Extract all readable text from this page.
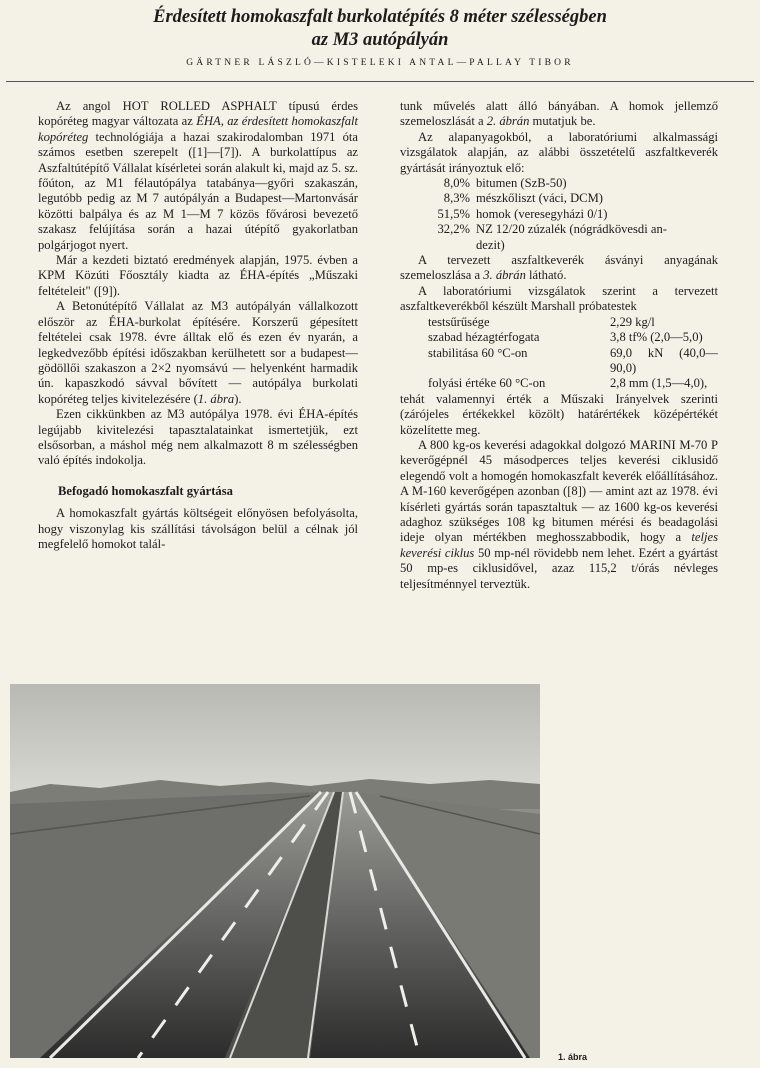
Érdesített homokaszfalt burkolatépítés 8 méter szélességben
az M3 autópályán
GÄRTNER LÁSZLÓ—KISTELEKI ANTAL—PALLAY TIBOR

Az angol HOT ROLLED ASPHALT típusú érdes kopóréteg magyar változata az ÉHA, az érdesített homokaszfalt kopóréteg technológiája a hazai szakirodalomban 1971 óta számos esetben szerepelt ([1]—[7]). A burkolattípus az Aszfaltútépítő Vállalat kísérletei során alakult ki, majd az 5. sz. főúton, az M1 félautópálya tatabánya—győri szakaszán, legutóbb pedig az M 7 autópályán a Budapest—Martonvásár közötti balpálya és az M 1—M 7 közös fővárosi bevezető szakasz felújítása során a hazai útépítő gyakorlatban polgárjogot nyert.

Már a kezdeti biztató eredmények alapján, 1975. évben a KPM Közúti Főosztály kiadta az ÉHA-építés „Műszaki feltételeit" ([9]).

A Betonútépítő Vállalat az M3 autópályán vállalkozott először az ÉHA-burkolat építésére. Korszerű gépesített feltételei csak 1978. évre álltak elő és ezen év nyarán, a legkedvezőbb építési időszakban kerülhetett sor a budapest—gödöllői szakaszon a 2×2 nyomsávú — helyenként harmadik ún. kapaszkodó sávval bővített — autópálya burkolati kopóréteg teljes kivitelezésére (1. ábra).

Ezen cikkünkben az M3 autópálya 1978. évi ÉHA-építés legújabb kivitelezési tapasztalatainkat ismertetjük, ezt elsősorban, a máshol még nem alkalmazott 8 m szélességben való építés indokolja.

Befogadó homokaszfalt gyártása

A homokaszfalt gyártás költségeit előnyösen befolyásolta, hogy viszonylag kis szállítási távolságon belül a célnak jól megfelelő homokot talál-

tunk művelés alatt álló bányában. A homok jellemző szemeloszlását a 2. ábrán mutatjuk be.

Az alapanyagokból, a laboratóriumi alkalmassági vizsgálatok alapján, az alábbi összetételű aszfaltkeverék gyártását irányoztuk elő:

8,0% bitumen (SzB-50)
8,3% mészkőliszt (váci, DCM)
51,5% homok (veresegyházi 0/1)
32,2% NZ 12/20 zúzalék (nógrádkövesdi an-
dezit)

A tervezett aszfaltkeverék ásványi anyagának szemeloszlása a 3. ábrán látható.

A laboratóriumi vizsgálatok szerint a tervezett aszfaltkeverékből készült Marshall próbatestek

testsűrűsége	2,29 kg/l
szabad hézagtérfogata	3,8 tf% (2,0—5,0)
stabilitása 60 °C-on	69,0 kN (40,0—90,0)
folyási értéke 60 °C-on	2,8 mm (1,5—4,0),

tehát valamennyi érték a Műszaki Irányelvek szerinti (zárójeles értékekkel közölt) határértékek középértékét közelítette meg.

A 800 kg-os keverési adagokkal dolgozó MARINI M-70 P keverőgépnél 45 másodperces teljes keverési ciklusidő elegendő volt a homogén homokaszfalt keverék előállításához. A M-160 keverőgépen azonban ([8]) — amint azt az 1978. évi kísérleti gyártás során tapasztaltuk — az 1600 kg-os keverési adaghoz szükséges 108 kg bitumen mérési és beadagolási ideje olyan mértékben meghosszabbodik, hogy a teljes keverési ciklus 50 mp-nél rövidebb nem lehet. Ezért a gyártást 50 mp-es ciklusidővel, azaz 115,2 t/órás névleges teljesítménnyel terveztük.

1. ábra
